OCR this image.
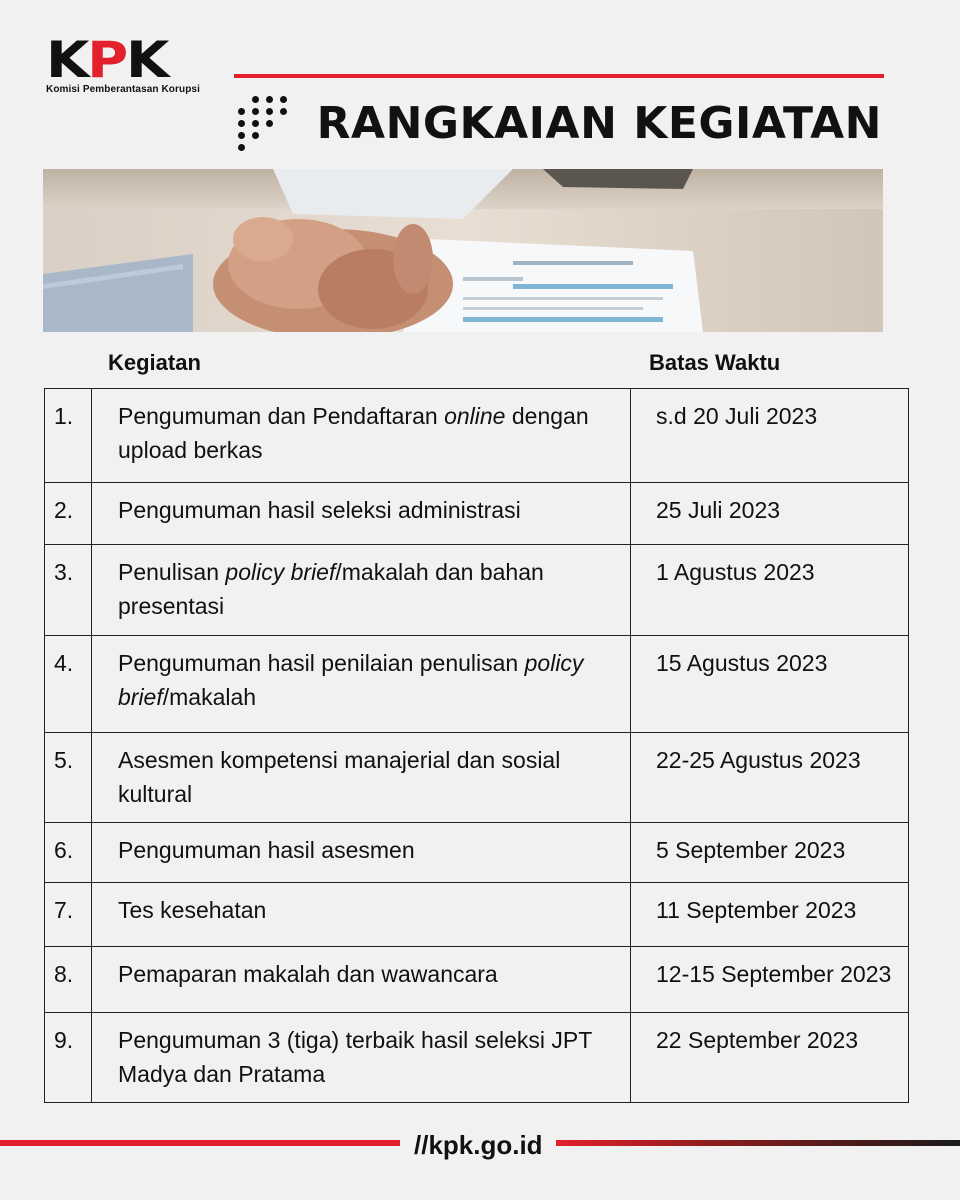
KPK
Komisi Pemberantasan Korupsi
RANGKAIAN KEGIATAN
Kegiatan	Batas Waktu
1.	Pengumuman dan Pendaftaran online dengan upload berkas	s.d 20 Juli 2023
2.	Pengumuman hasil seleksi administrasi	25 Juli 2023
3.	Penulisan policy brief/makalah dan bahan presentasi	1 Agustus 2023
4.	Pengumuman hasil penilaian penulisan policy brief/makalah	15 Agustus 2023
5.	Asesmen kompetensi manajerial dan sosial kultural	22-25 Agustus 2023
6.	Pengumuman hasil asesmen	5 September 2023
7.	Tes kesehatan	11 September 2023
8.	Pemaparan makalah dan wawancara	12-15 September 2023
9.	Pengumuman 3 (tiga) terbaik hasil seleksi JPT Madya dan Pratama	22 September 2023
//kpk.go.id
